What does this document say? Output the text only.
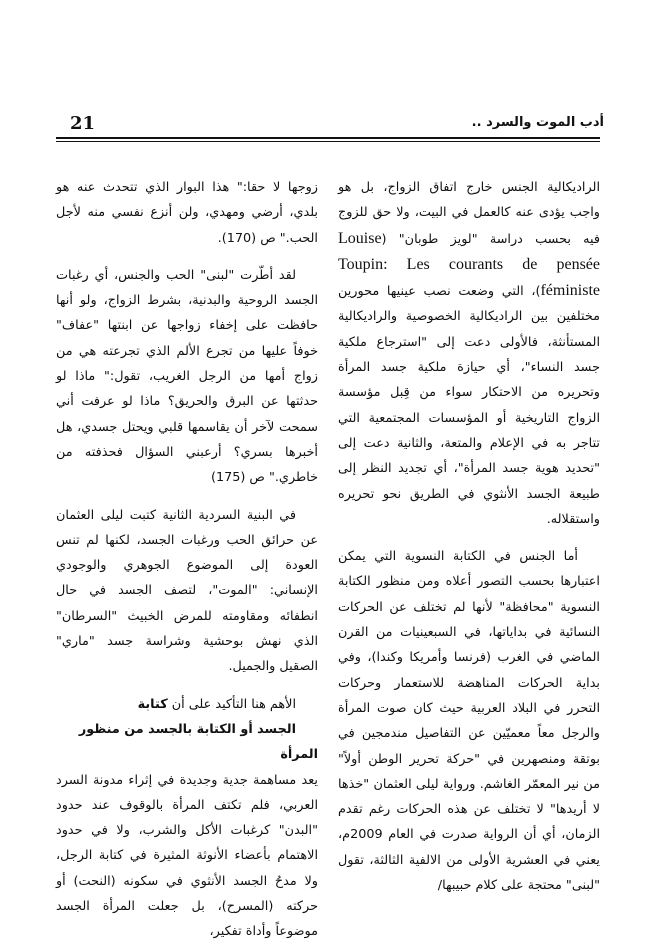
21	أدب الموت والسرد ..

الراديكالية الجنس خارج اتفاق الزواج، بل هو واجب يؤدى عنه كالعمل في البيت، ولا حق للزوج فيه بحسب دراسة "لويز طوبان" (Louise Toupin: Les courants de pensée féministe)، التي وضعت نصب عينيها محورين مختلفين بين الراديكالية الخصوصية والراديكالية المستأنثة، فالأولى دعت إلى "استرجاع ملكية جسد النساء"، أي حيازة ملكية جسد المرأة وتحريره من الاحتكار سواء من قِبل مؤسسة الزواج التاريخية أو المؤسسات المجتمعية التي تتاجر به في الإعلام والمتعة، والثانية دعت إلى "تحديد هوية جسد المرأة"، أي تجديد النظر إلى طبيعة الجسد الأنثوي في الطريق نحو تحريره واستقلاله.

أما الجنس في الكتابة النسوية التي يمكن اعتبارها بحسب التصور أعلاه ومن منظور الكتابة النسوية "محافظة" لأنها لم تختلف عن الحركات النسائية في بداياتها، في السبعينيات من القرن الماضي في الغرب (فرنسا وأمريكا وكندا)، وفي بداية الحركات المناهضة للاستعمار وحركات التحرر في البلاد العربية حيث كان صوت المرأة والرجل معاً معميّين عن التفاصيل مندمجين في بوتقة ومنصهرين في "حركة تحرير الوطن أولاً" من نير المعمّر الغاشم. ورواية ليلى العثمان "خذها لا أريدها" لا تختلف عن هذه الحركات رغم تقدم الزمان، أي أن الرواية صدرت في العام 2009م، يعني في العشرية الأولى من الالفية الثالثة، تقول "لبنى" محتجة على كلام حبيبها/

زوجها لا حقا:" هذا البوار الذي تتحدث عنه هو بلدي، أرضي ومهدي، ولن أنزع نفسي منه لأجل الحب." ص (170).

لقد أطّرت "لبنى" الحب والجنس، أي رغبات الجسد الروحية والبدنية، بشرط الزواج، ولو أنها حافظت على إخفاء زواجها عن ابنتها "عفاف" خوفاً عليها من تجرع الألم الذي تجرعته هي من زواج أمها من الرجل الغريب، تقول:" ماذا لو حدثتها عن البرق والحريق؟ ماذا لو عرفت أني سمحت لآخر أن يقاسمها قلبي ويحتل جسدي، هل أخبرها بسري؟ أرعبني السؤال فحذفته من خاطري." ص (175)

في البنية السردية الثانية كتبت ليلى العثمان عن حرائق الحب ورغبات الجسد، لكنها لم تنس العودة إلى الموضوع الجوهري والوجودي الإنساني: "الموت"، لتصف الجسد في حال انطفائه ومقاومته للمرض الخبيث "السرطان" الذي نهش بوحشية وشراسة جسد "ماري" الصقيل والجميل.

الأهم هنا التأكيد على أن كتابة
الجسد أو الكتابة بالجسد من منظور المرأة
يعد مساهمة جدية وجديدة في إثراء مدونة السرد العربي، فلم تكتف المرأة بالوقوف عند حدود "البدن" كرغبات الأكل والشرب، ولا في حدود الاهتمام بأعضاء الأنوثة المثيرة في كتابة الرجل، ولا مدحُ الجسد الأنثوي في سكونه (النحت) أو حركته (المسرح)، بل جعلت المرأة الجسد موضوعاً وأداة تفكير،
